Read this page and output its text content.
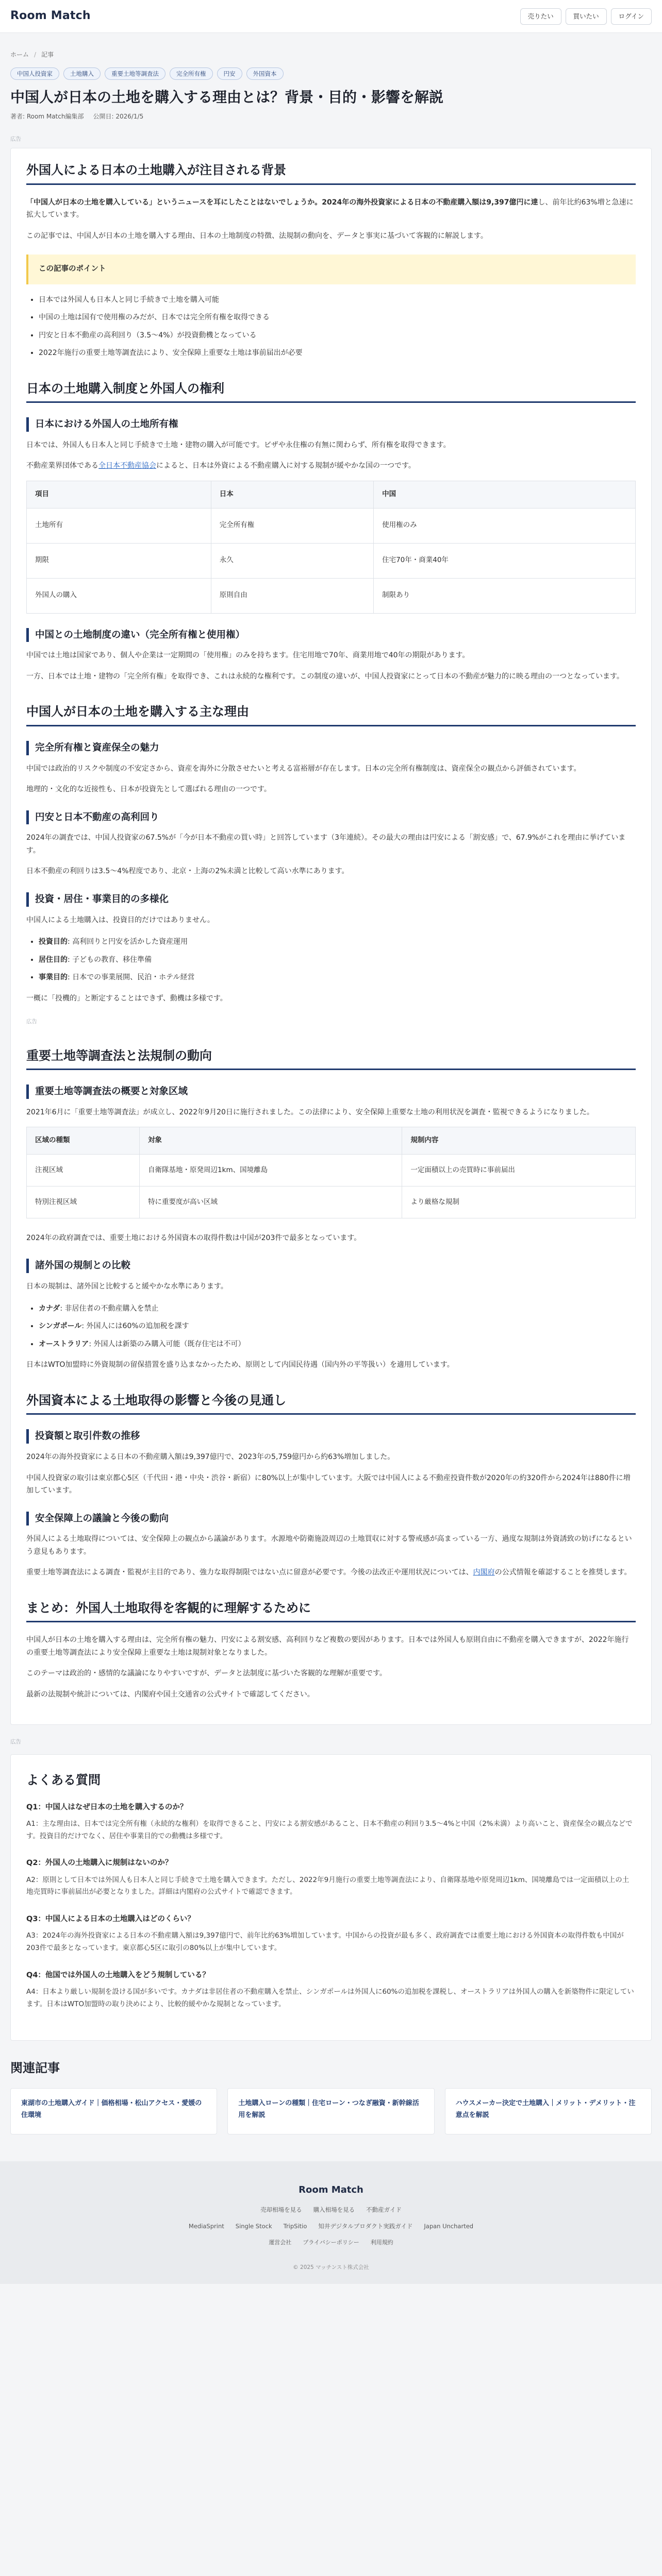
Room Match	売りたい	買いたい	ログイン
ホーム / 記事
中国人投資家	土地購入	重要土地等調査法	完全所有権	円安	外国資本
中国人が日本の土地を購入する理由とは？背景・目的・影響を解説
著者: Room Match編集部 公開日: 2026/1/5
広告
外国人による日本の土地購入が注目される背景

「中国人が日本の土地を購入している」というニュースを耳にしたことはないでしょうか。2024年の海外投資家による日本の不動産購入額は9,397億円に達し、前年比約63%増と急速に拡大しています。

この記事では、中国人が日本の土地を購入する理由、日本の土地制度の特徴、法規制の動向を、データと事実に基づいて客観的に解説します。

この記事のポイント
• 日本では外国人も日本人と同じ手続きで土地を購入可能
• 中国の土地は国有で使用権のみだが、日本では完全所有権を取得できる
• 円安と日本不動産の高利回り（3.5〜4%）が投資動機となっている
• 2022年施行の重要土地等調査法により、安全保障上重要な土地は事前届出が必要
日本の土地購入制度と外国人の権利
日本における外国人の土地所有権

日本では、外国人も日本人と同じ手続きで土地・建物の購入が可能です。ビザや永住権の有無に関わらず、所有権を取得できます。

不動産業界団体である全日本不動産協会によると、日本は外資による不動産購入に対する規制が緩やかな国の一つです。

項目	日本	中国
土地所有	完全所有権	使用権のみ
期限	永久	住宅70年・商業40年
外国人の購入	原則自由	制限あり
中国との土地制度の違い（完全所有権と使用権）

中国では土地は国家であり、個人や企業は一定期間の「使用権」のみを持ちます。住宅用地で70年、商業用地で40年の期限があります。

一方、日本では土地・建物の「完全所有権」を取得でき、これは永続的な権利です。この制度の違いが、中国人投資家にとって日本の不動産が魅力的に映る理由の一つとなっています。

中国人が日本の土地を購入する主な理由
完全所有権と資産保全の魅力

中国では政治的リスクや制度の不安定さから、資産を海外に分散させたいと考える富裕層が存在します。日本の完全所有権制度は、資産保全の観点から評価されています。

地理的・文化的な近接性も、日本が投資先として選ばれる理由の一つです。

円安と日本不動産の高利回り

2024年の調査では、中国人投資家の67.5%が「今が日本不動産の買い時」と回答しています（3年連続）。その最大の理由は円安による「割安感」で、67.9%がこれを理由に挙げています。

日本不動産の利回りは3.5〜4%程度であり、北京・上海の2%未満と比較して高い水準にあります。

投資・居住・事業目的の多様化

中国人による土地購入は、投資目的だけではありません。

• 投資目的: 高利回りと円安を活かした資産運用
• 居住目的: 子どもの教育、移住準備
• 事業目的: 日本での事業展開、民泊・ホテル経営

一概に「投機的」と断定することはできず、動機は多様です。

広告
重要土地等調査法と法規制の動向
重要土地等調査法の概要と対象区域

2021年6月に「重要土地等調査法」が成立し、2022年9月20日に施行されました。この法律により、安全保障上重要な土地の利用状況を調査・監視できるようになりました。

区域の種類	対象	規制内容
注視区域	自衛隊基地・原発周辺1km、国境離島	一定面積以上の売買時に事前届出
特別注視区域	特に重要度が高い区域	より厳格な規制

2024年の政府調査では、重要土地における外国資本の取得件数は中国が203件で最多となっています。

諸外国の規制との比較

日本の規制は、諸外国と比較すると緩やかな水準にあります。

• カナダ: 非居住者の不動産購入を禁止
• シンガポール: 外国人には60%の追加税を課す
• オーストラリア: 外国人は新築のみ購入可能（既存住宅は不可）

日本はWTO加盟時に外資規制の留保措置を盛り込まなかったため、原則として内国民待遇（国内外の平等扱い）を適用しています。

外国資本による土地取得の影響と今後の見通し
投資額と取引件数の推移

2024年の海外投資家による日本の不動産購入額は9,397億円で、2023年の5,759億円から約63%増加しました。

中国人投資家の取引は東京都心5区（千代田・港・中央・渋谷・新宿）に80%以上が集中しています。大阪では中国人による不動産投資件数が2020年の約320件から2024年は880件に増加しています。

安全保障上の議論と今後の動向

外国人による土地取得については、安全保障上の観点から議論があります。水源地や防衛施設周辺の土地買収に対する警戒感が高まっている一方、過度な規制は外資誘致の妨げになるという意見もあります。

重要土地等調査法による調査・監視が主目的であり、強力な取得制限ではない点に留意が必要です。今後の法改正や運用状況については、内閣府の公式情報を確認することを推奨します。

まとめ：外国人土地取得を客観的に理解するために

中国人が日本の土地を購入する理由は、完全所有権の魅力、円安による割安感、高利回りなど複数の要因があります。日本では外国人も原則自由に不動産を購入できますが、2022年施行の重要土地等調査法により安全保障上重要な土地は規制対象となりました。

このテーマは政治的・感情的な議論になりやすいですが、データと法制度に基づいた客観的な理解が重要です。

最新の法規制や統計については、内閣府や国土交通省の公式サイトで確認してください。

広告
よくある質問
Q1：中国人はなぜ日本の土地を購入するのか？
A1：主な理由は、日本では完全所有権（永続的な権利）を取得できること、円安による割安感があること、日本不動産の利回り3.5〜4%と中国（2%未満）より高いこと、資産保全の観点などです。投資目的だけでなく、居住や事業目的での動機は多様です。
Q2：外国人の土地購入に規制はないのか？
A2：原則として日本では外国人も日本人と同じ手続きで土地を購入できます。ただし、2022年9月施行の重要土地等調査法により、自衛隊基地や原発周辺1km、国境離島では一定面積以上の土地売買時に事前届出が必要となりました。詳細は内閣府の公式サイトで確認できます。
Q3：中国人による日本の土地購入はどのくらい？
A3：2024年の海外投資家による日本の不動産購入額は9,397億円で、前年比約63%増加しています。中国からの投資が最も多く、政府調査では重要土地における外国資本の取得件数も中国が203件で最多となっています。東京都心5区に取引の80%以上が集中しています。
Q4：他国では外国人の土地購入をどう規制している？
A4：日本より厳しい規制を設ける国が多いです。カナダは非居住者の不動産購入を禁止、シンガポールは外国人に60%の追加税を課税し、オーストラリアは外国人の購入を新築物件に限定しています。日本はWTO加盟時の取り決めにより、比較的緩やかな規制となっています。
関連記事
東湖市の土地購入ガイド｜価格相場・松山アクセス・愛媛の住環境
土地購入ローンの種類｜住宅ローン・つなぎ融資・新幹線活用を解説
ハウスメーカー決定で土地購入｜メリット・デメリット・注意点を解説
Room Match
売却相場を見る 購入相場を見る 不動産ガイド
MediaSprint Single Stock TripSitio 知井デジタルプロダクト実践ガイド Japan Uncharted
運営会社 プライバシーポリシー 利用規約
© 2025 マッチンスト株式会社
